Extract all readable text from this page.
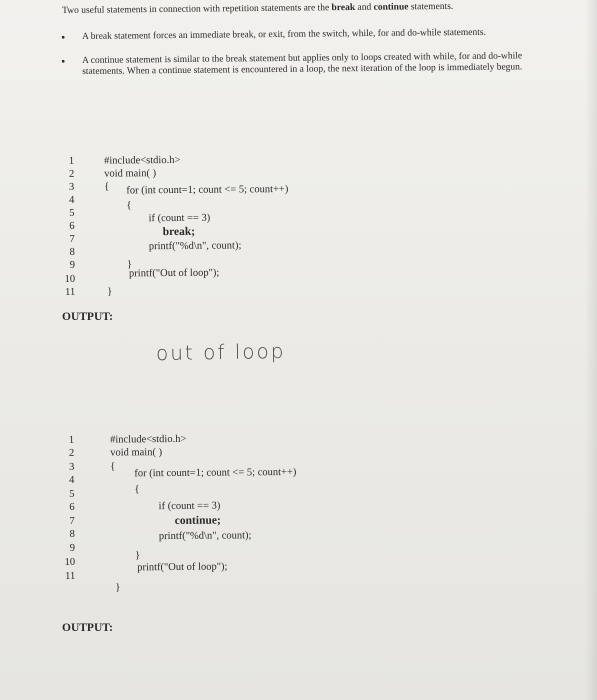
Two useful statements in connection with repetition statements are the break and continue statements.
• A break statement forces an immediate break, or exit, from the switch, while, for and do-while statements.
• A continue statement is similar to the break statement but applies only to loops created with while, for and do-while statements. When a continue statement is encountered in a loop, the next iteration of the loop is immediately begun.
1
2
3
4
5
6
7
8
9
10
11
#include<stdio.h>
void main( )
{ for (int count=1; count <= 5; count++)
{
if (count == 3)
break;
printf("%d\n", count);
}
printf("Out of loop");
}
OUTPUT:
out of loop
1
2
3
4
5
6
7
8
9
10
11
#include<stdio.h>
void main( )
{ for (int count=1; count <= 5; count++)
{
if (count == 3)
continue;
printf("%d\n", count);
}
printf("Out of loop");
}
OUTPUT:
